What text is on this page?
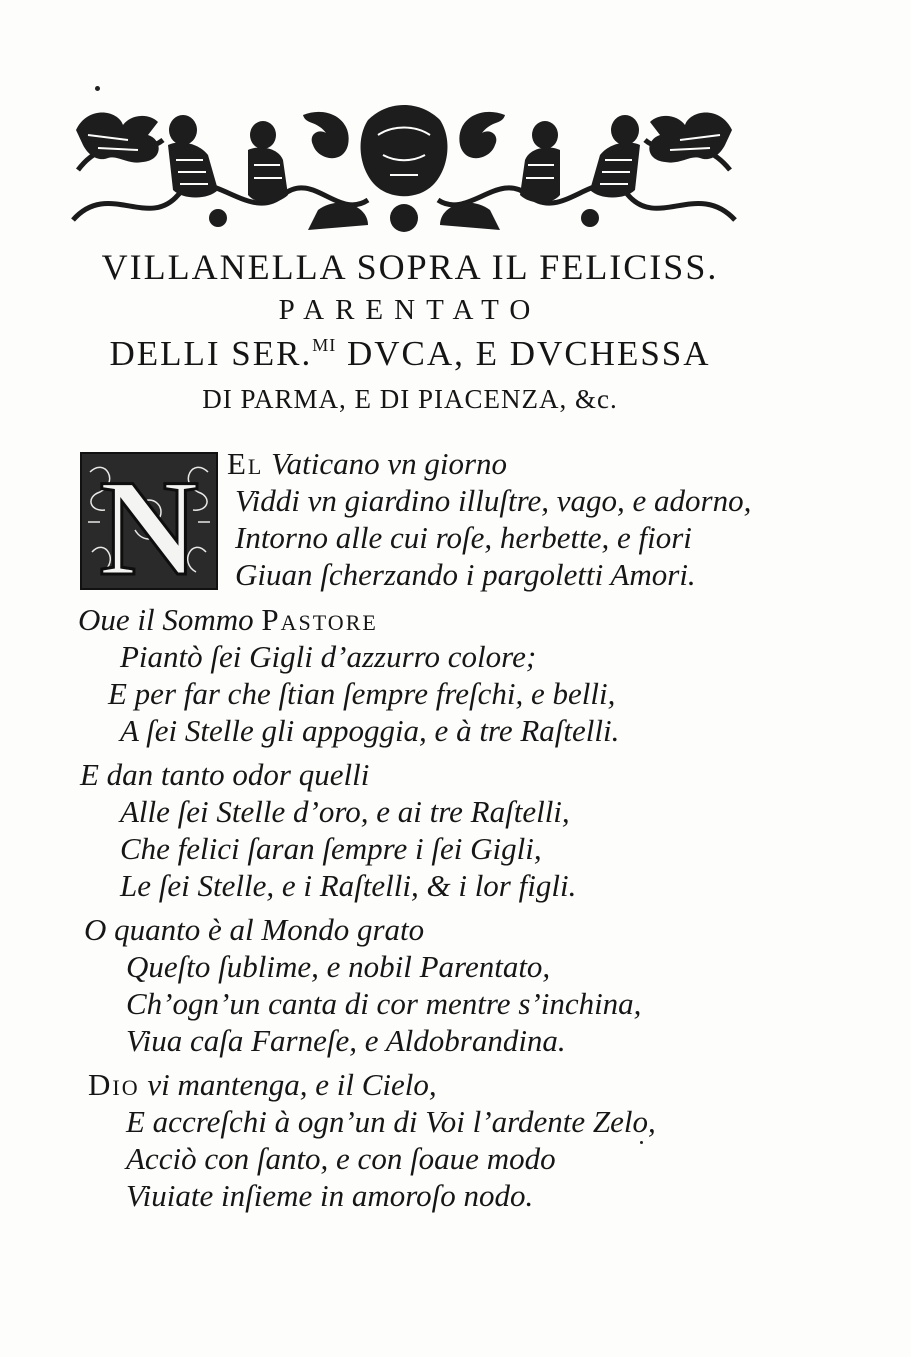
VILLANELLA SOPRA IL FELICISS.
PARENTATO
DELLI SER.$^{MI}$ DVCA, E DVCHESSA
DI PARMA, E DI PIACENZA, &c.
N El Vaticano vn giorno
Viddi vn giardino illuſtre, vago, e adorno,
Intorno alle cui roſe, herbette, e fiori
Giuan ſcherzando i pargoletti Amori.
Oue il Sommo Pastore
Piantò ſei Gigli d’azzurro colore;
E per far che ſtian ſempre freſchi, e belli,
A ſei Stelle gli appoggia, e à tre Raſtelli.
E dan tanto odor quelli
Alle ſei Stelle d’oro, e ai tre Raſtelli,
Che felici ſaran ſempre i ſei Gigli,
Le ſei Stelle, e i Raſtelli, & i lor figli.
O quanto è al Mondo grato
Queſto ſublime, e nobil Parentato,
Ch’ogn’un canta di cor mentre s’inchina,
Viua caſa Farneſe, e Aldobrandina.
Dio vi mantenga, e il Cielo,
E accreſchi à ogn’un di Voi l’ardente Zelo,
Acciò con ſanto, e con ſoaue modo
Viuiate inſieme in amoroſo nodo.
